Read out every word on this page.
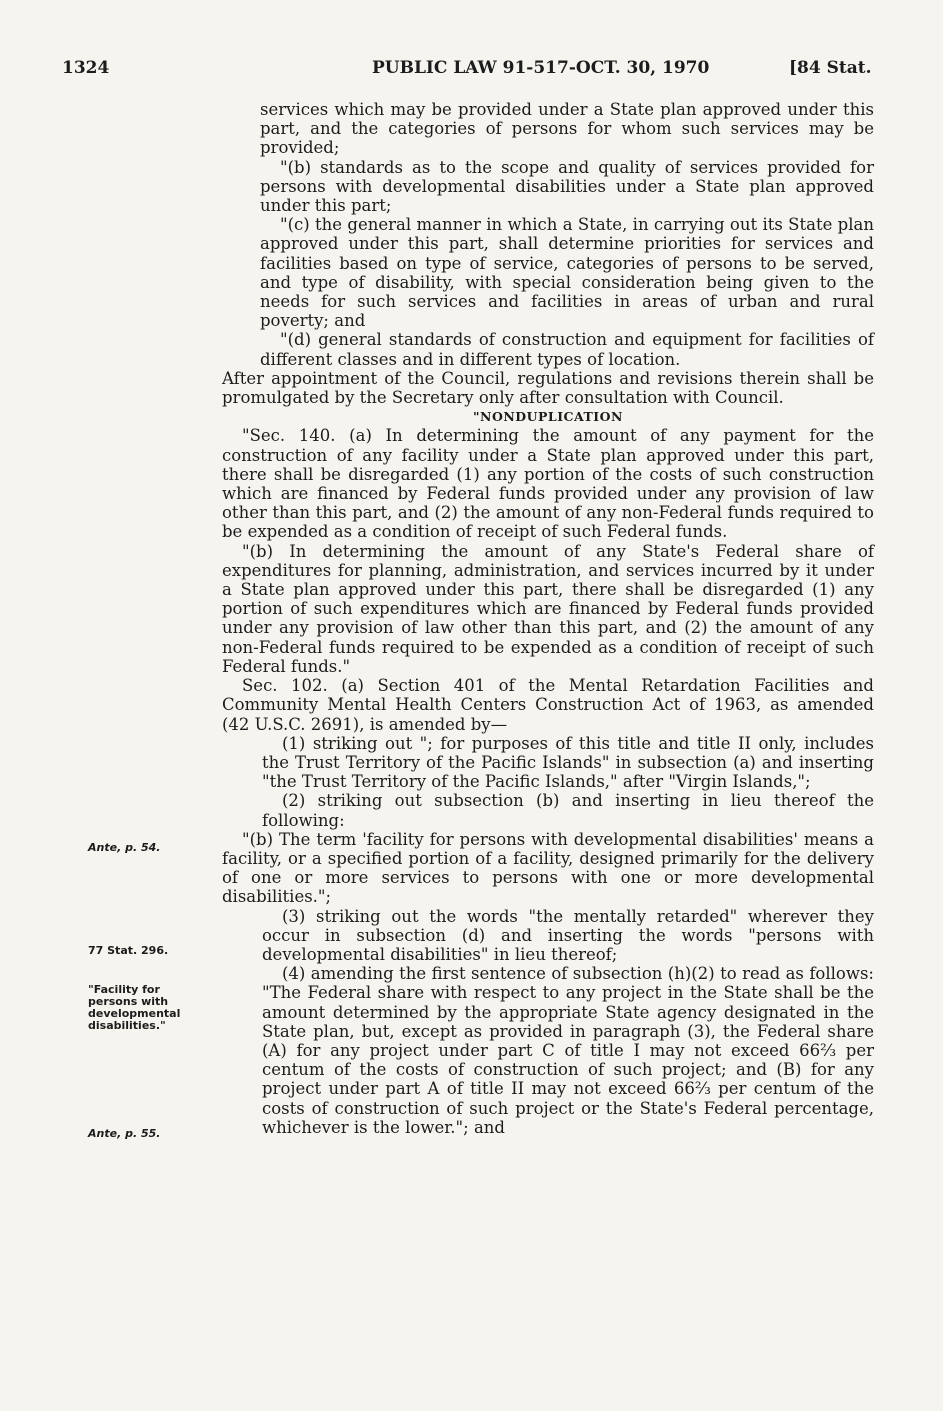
1324	PUBLIC LAW 91-517-OCT. 30, 1970	[84 Stat.
Ante, p. 54.
77 Stat. 296.
"Facility for persons with developmental disabilities."
Ante, p. 55.

services which may be provided under a State plan approved under this part, and the categories of persons for whom such services may be provided;

"(b) standards as to the scope and quality of services provided for persons with developmental disabilities under a State plan approved under this part;

"(c) the general manner in which a State, in carrying out its State plan approved under this part, shall determine priorities for services and facilities based on type of service, categories of persons to be served, and type of disability, with special consideration being given to the needs for such services and facilities in areas of urban and rural poverty; and

"(d) general standards of construction and equipment for facilities of different classes and in different types of location.

After appointment of the Council, regulations and revisions therein shall be promulgated by the Secretary only after consultation with Council.

"NONDUPLICATION

"Sec. 140. (a) In determining the amount of any payment for the construction of any facility under a State plan approved under this part, there shall be disregarded (1) any portion of the costs of such construction which are financed by Federal funds provided under any provision of law other than this part, and (2) the amount of any non-Federal funds required to be expended as a condition of receipt of such Federal funds.

"(b) In determining the amount of any State's Federal share of expenditures for planning, administration, and services incurred by it under a State plan approved under this part, there shall be disregarded (1) any portion of such expenditures which are financed by Federal funds provided under any provision of law other than this part, and (2) the amount of any non-Federal funds required to be expended as a condition of receipt of such Federal funds."

Sec. 102. (a) Section 401 of the Mental Retardation Facilities and Community Mental Health Centers Construction Act of 1963, as amended (42 U.S.C. 2691), is amended by—

(1) striking out "; for purposes of this title and title II only, includes the Trust Territory of the Pacific Islands" in subsection (a) and inserting "the Trust Territory of the Pacific Islands," after "Virgin Islands,";

(2) striking out subsection (b) and inserting in lieu thereof the following:

"(b) The term 'facility for persons with developmental disabilities' means a facility, or a specified portion of a facility, designed primarily for the delivery of one or more services to persons with one or more developmental disabilities.";

(3) striking out the words "the mentally retarded" wherever they occur in subsection (d) and inserting the words "persons with developmental disabilities" in lieu thereof;

(4) amending the first sentence of subsection (h)(2) to read as follows: "The Federal share with respect to any project in the State shall be the amount determined by the appropriate State agency designated in the State plan, but, except as provided in paragraph (3), the Federal share (A) for any project under part C of title I may not exceed 66⅔ per centum of the costs of construction of such project; and (B) for any project under part A of title II may not exceed 66⅔ per centum of the costs of construction of such project or the State's Federal percentage, whichever is the lower."; and
